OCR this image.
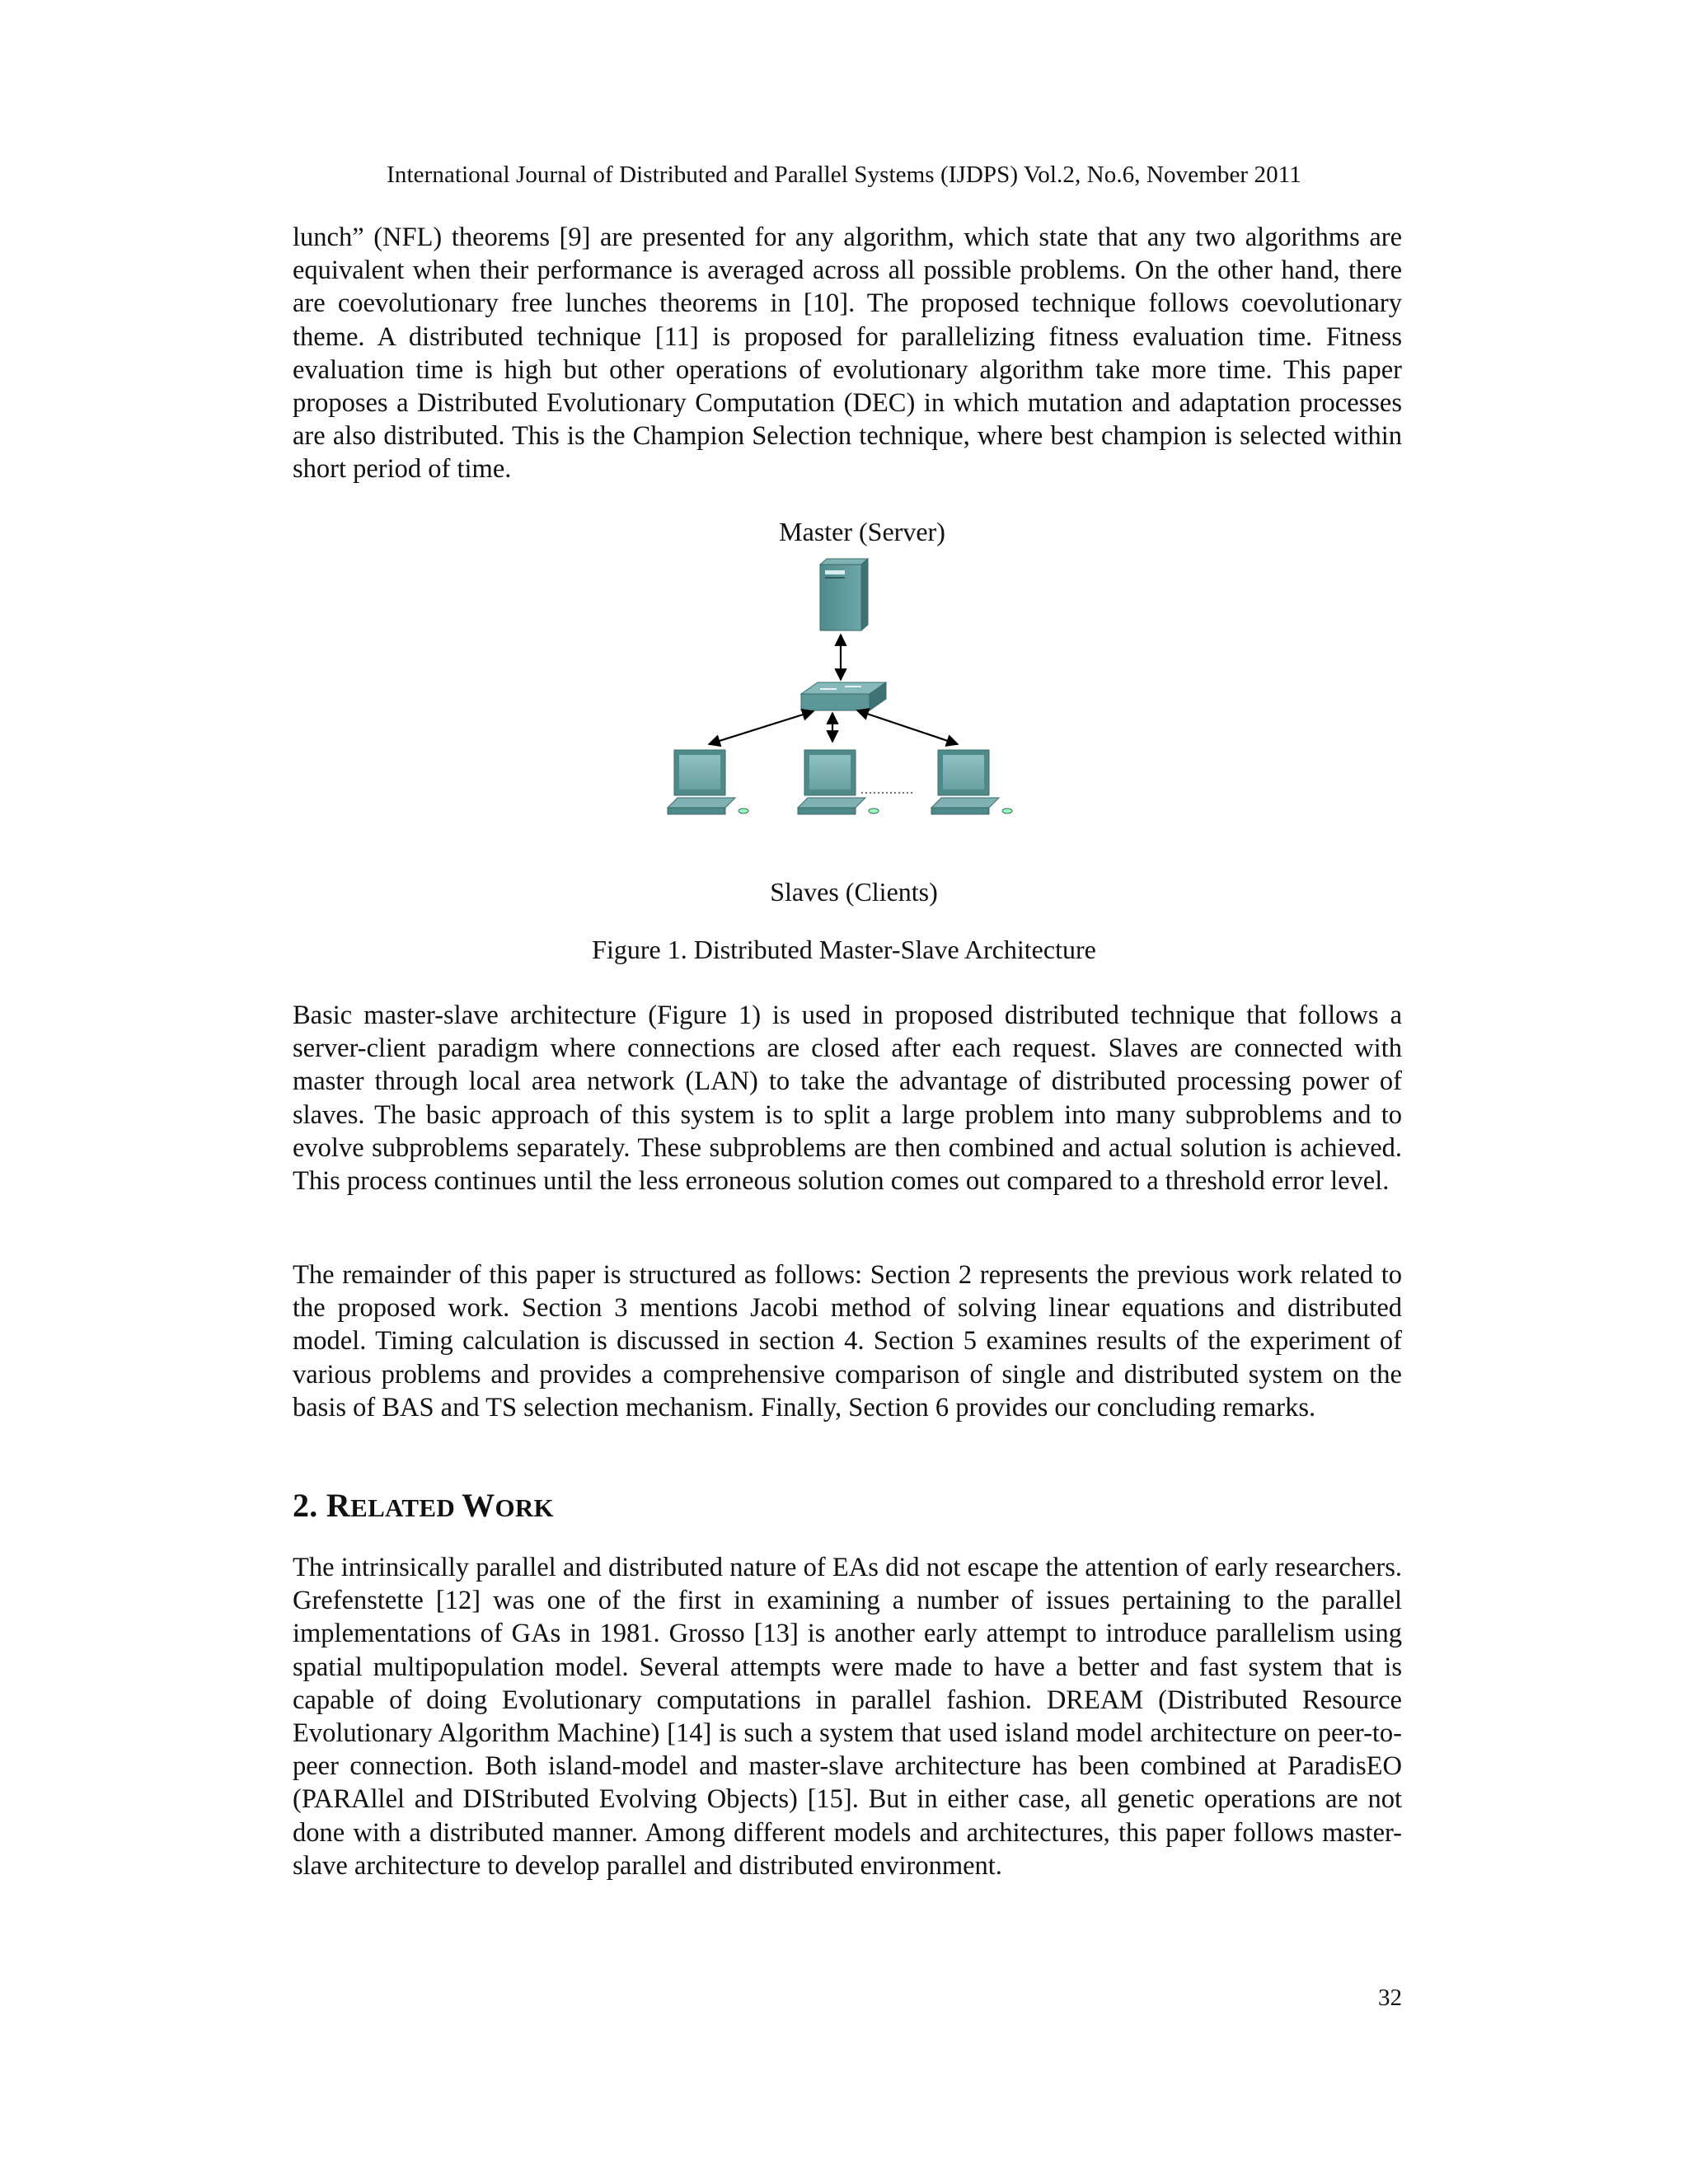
International Journal of Distributed and Parallel Systems (IJDPS) Vol.2, No.6, November 2011

lunch” (NFL) theorems [9] are presented for any algorithm, which state that any two algorithms are equivalent when their performance is averaged across all possible problems. On the other hand, there are coevolutionary free lunches theorems in [10]. The proposed technique follows coevolutionary theme. A distributed technique [11] is proposed for parallelizing fitness evaluation time. Fitness evaluation time is high but other operations of evolutionary algorithm take more time. This paper proposes a Distributed Evolutionary Computation (DEC) in which mutation and adaptation processes are also distributed. This is the Champion Selection technique, where best champion is selected within short period of time.

Master (Server)
Slaves (Clients)
Figure 1. Distributed Master-Slave Architecture

Basic master-slave architecture (Figure 1) is used in proposed distributed technique that follows a server-client paradigm where connections are closed after each request. Slaves are connected with master through local area network (LAN) to take the advantage of distributed processing power of slaves. The basic approach of this system is to split a large problem into many subproblems and to evolve subproblems separately. These subproblems are then combined and actual solution is achieved. This process continues until the less erroneous solution comes out compared to a threshold error level.

The remainder of this paper is structured as follows: Section 2 represents the previous work related to the proposed work. Section 3 mentions Jacobi method of solving linear equations and distributed model. Timing calculation is discussed in section 4. Section 5 examines results of the experiment of various problems and provides a comprehensive comparison of single and distributed system on the basis of BAS and TS selection mechanism. Finally, Section 6 provides our concluding remarks.

2. RELATED WORK

The intrinsically parallel and distributed nature of EAs did not escape the attention of early researchers. Grefenstette [12] was one of the first in examining a number of issues pertaining to the parallel implementations of GAs in 1981. Grosso [13] is another early attempt to introduce parallelism using spatial multipopulation model. Several attempts were made to have a better and fast system that is capable of doing Evolutionary computations in parallel fashion. DREAM (Distributed Resource Evolutionary Algorithm Machine) [14] is such a system that used island model architecture on peer-to-peer connection. Both island-model and master-slave architecture has been combined at ParadisEO (PARAllel and DIStributed Evolving Objects) [15]. But in either case, all genetic operations are not done with a distributed manner. Among different models and architectures, this paper follows master-slave architecture to develop parallel and distributed environment.

32
